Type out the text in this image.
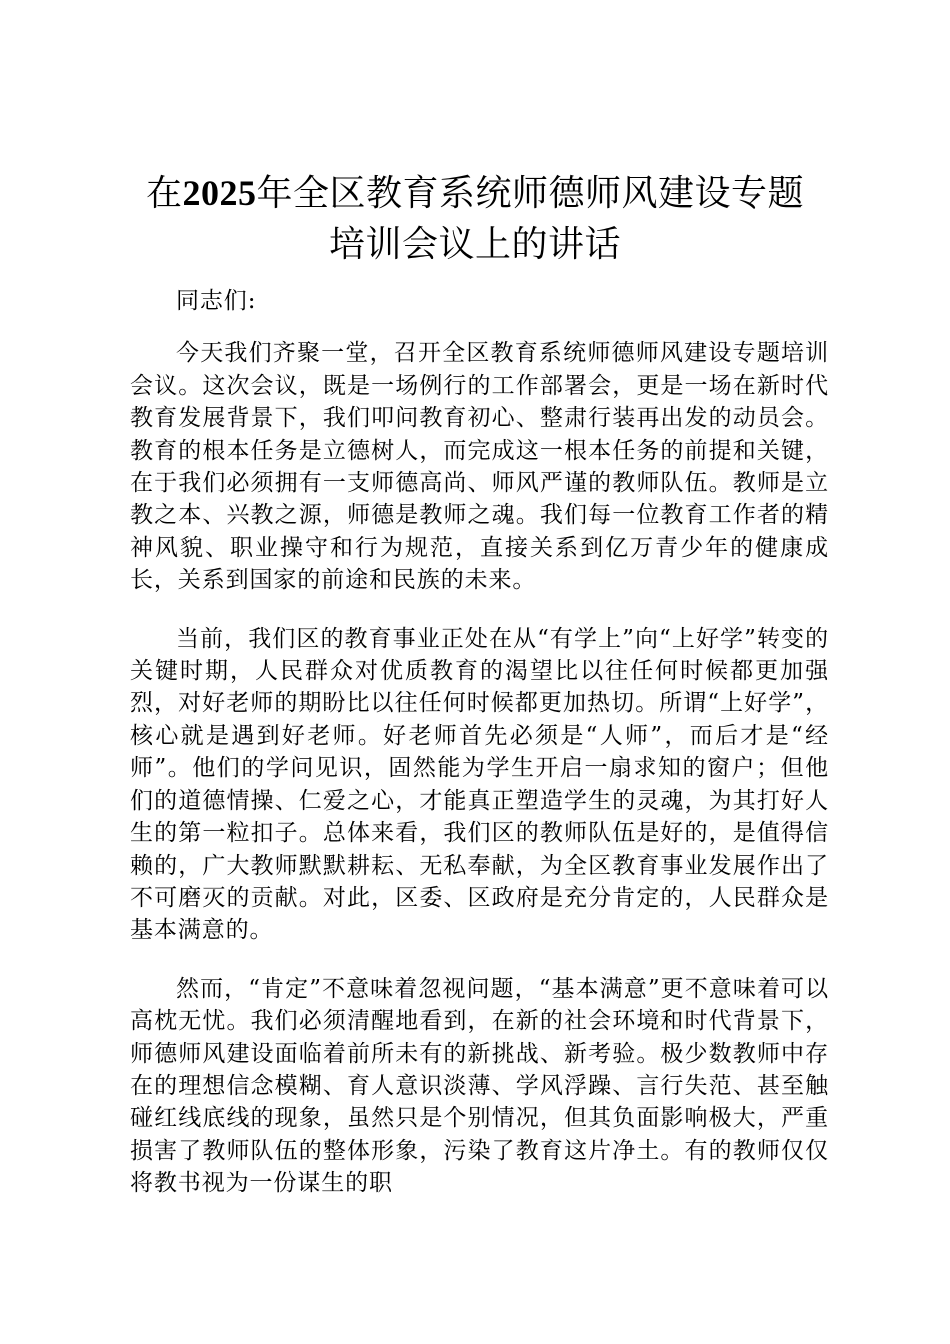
在2025年全区教育系统师德师风建设专题培训会议上的讲话

同志们:

今天我们齐聚一堂，召开全区教育系统师德师风建设专题培训会议。这次会议，既是一场例行的工作部署会，更是一场在新时代教育发展背景下，我们叩问教育初心、整肃行装再出发的动员会。教育的根本任务是立德树人，而完成这一根本任务的前提和关键，在于我们必须拥有一支师德高尚、师风严谨的教师队伍。教师是立教之本、兴教之源，师德是教师之魂。我们每一位教育工作者的精神风貌、职业操守和行为规范，直接关系到亿万青少年的健康成长，关系到国家的前途和民族的未来。

当前，我们区的教育事业正处在从“有学上”向“上好学”转变的关键时期，人民群众对优质教育的渴望比以往任何时候都更加强烈，对好老师的期盼比以往任何时候都更加热切。所谓“上好学”，核心就是遇到好老师。好老师首先必须是“人师”，而后才是“经师”。他们的学问见识，固然能为学生开启一扇求知的窗户；但他们的道德情操、仁爱之心，才能真正塑造学生的灵魂，为其打好人生的第一粒扣子。总体来看，我们区的教师队伍是好的，是值得信赖的，广大教师默默耕耘、无私奉献，为全区教育事业发展作出了不可磨灭的贡献。对此，区委、区政府是充分肯定的，人民群众是基本满意的。

然而，“肯定”不意味着忽视问题，“基本满意”更不意味着可以高枕无忧。我们必须清醒地看到，在新的社会环境和时代背景下，师德师风建设面临着前所未有的新挑战、新考验。极少数教师中存在的理想信念模糊、育人意识淡薄、学风浮躁、言行失范、甚至触碰红线底线的现象，虽然只是个别情况，但其负面影响极大，严重损害了教师队伍的整体形象，污染了教育这片净土。有的教师仅仅将教书视为一份谋生的职
